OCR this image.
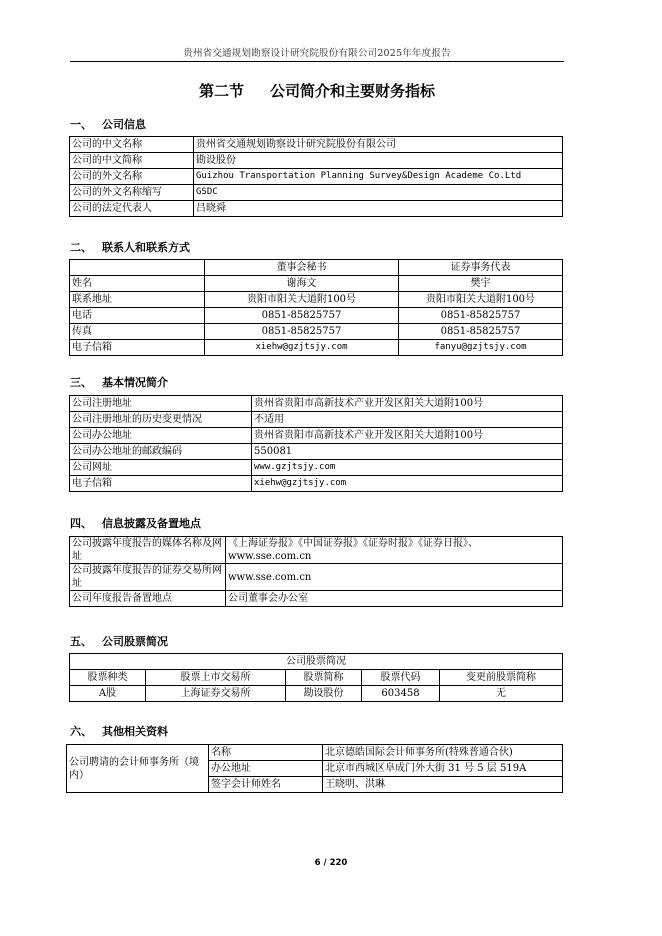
贵州省交通规划勘察设计研究院股份有限公司2025年年度报告
第二节 公司简介和主要财务指标
一、 公司信息
公司的中文名称	贵州省交通规划勘察设计研究院股份有限公司
公司的中文简称	勘设股份
公司的外文名称	Guizhou Transportation Planning Survey&Design Academe Co.Ltd
公司的外文名称缩写	GSDC
公司的法定代表人	吕晓舜
二、 联系人和联系方式
	董事会秘书	证券事务代表
姓名	谢海文	樊宇
联系地址	贵阳市阳关大道附100号	贵阳市阳关大道附100号
电话	0851-85825757	0851-85825757
传真	0851-85825757	0851-85825757
电子信箱	xiehw@gzjtsjy.com	fanyu@gzjtsjy.com
三、 基本情况简介
公司注册地址	贵州省贵阳市高新技术产业开发区阳关大道附100号
公司注册地址的历史变更情况	不适用
公司办公地址	贵州省贵阳市高新技术产业开发区阳关大道附100号
公司办公地址的邮政编码	550081
公司网址	www.gzjtsjy.com
电子信箱	xiehw@gzjtsjy.com
四、 信息披露及备置地点
公司披露年度报告的媒体名称及网址	《上海证券报》《中国证券报》《证券时报》《证券日报》、www.sse.com.cn
公司披露年度报告的证券交易所网址	www.sse.com.cn
公司年度报告备置地点	公司董事会办公室
五、 公司股票简况
公司股票简况				
股票种类	股票上市交易所	股票简称	股票代码	变更前股票简称
A股	上海证券交易所	勘设股份	603458	无
六、 其他相关资料
公司聘请的会计师事务所（境内）	名称	北京德皓国际会计师事务所(特殊普通合伙)
	办公地址	北京市西城区阜成门外大街 31 号 5 层 519A
	签字会计师姓名	王晓明、洪琳
6 / 220
